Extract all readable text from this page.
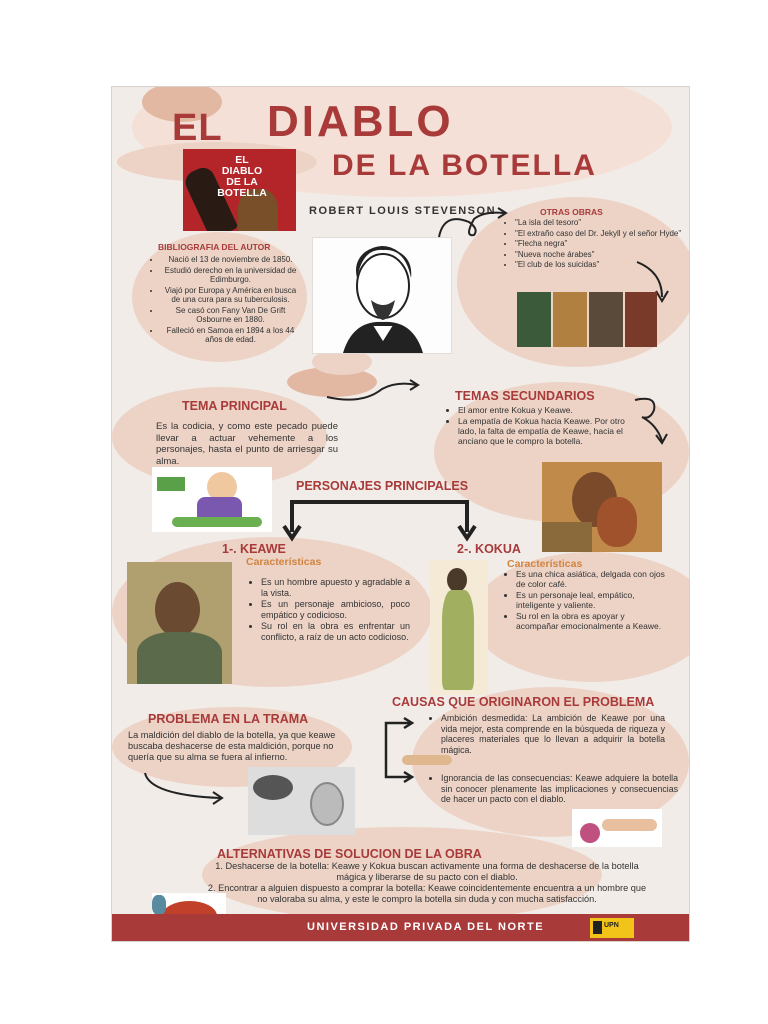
EL DIABLO
DE LA BOTELLA
EL
DIABLO
DE LA
BOTELLA
ROBERT LOUIS STEVENSON
BIBLIOGRAFIA DEL AUTOR
• Nació el 13 de noviembre de 1850.
• Estudió derecho en la universidad de Edimburgo.
• Viajó por Europa y América en busca de una cura para su tuberculosis.
• Se casó con Fany Van De Grift Osbourne en 1880.
• Falleció en Samoa en 1894 a los 44 años de edad.
OTRAS OBRAS
• "La isla del tesoro"
• "El extraño caso del Dr. Jekyll y el señor Hyde"
• "Flecha negra"
• "Nueva noche árabes"
• "El club de los suicidas"
TEMA PRINCIPAL
Es la codicia, y como este pecado puede llevar a actuar vehemente a los personajes, hasta el punto de arriesgar su alma.
TEMAS SECUNDARIOS
• El amor entre Kokua y Keawe.
• La empatía de Kokua hacia Keawe. Por otro lado, la falta de empatía de Keawe, hacia el anciano que le compro la botella.
PERSONAJES PRINCIPALES
1-. KEAWE
Características
• Es un hombre apuesto y agradable a la vista.
• Es un personaje ambicioso, poco empático y codicioso.
• Su rol en la obra es enfrentar un conflicto, a raíz de un acto codicioso.
2-. KOKUA
Características
• Es una chica asiática, delgada con ojos de color café.
• Es un personaje leal, empático, inteligente y valiente.
• Su rol en la obra es apoyar y acompañar emocionalmente a Keawe.
CAUSAS QUE ORIGINARON EL PROBLEMA
• Ambición desmedida: La ambición de Keawe por una vida mejor, esta comprende en la búsqueda de riqueza y placeres materiales que lo llevan a adquirir la botella mágica.
• Ignorancia de las consecuencias: Keawe adquiere la botella sin conocer plenamente las implicaciones y consecuencias de hacer un pacto con el diablo.
PROBLEMA EN LA TRAMA
La maldición del diablo de la botella, ya que keawe buscaba deshacerse de esta maldición, porque no quería que su alma se fuera al infierno.
ALTERNATIVAS DE SOLUCION DE LA OBRA
1. Deshacerse de la botella: Keawe y Kokua buscan activamente una forma de deshacerse de la botella mágica y liberarse de su pacto con el diablo.
2. Encontrar a alguien dispuesto a comprar la botella: Keawe coincidentemente encuentra a un hombre que no valoraba su alma, y este le compro la botella sin duda y con mucha satisfacción.
UNIVERSIDAD PRIVADA DEL NORTE	UPN
